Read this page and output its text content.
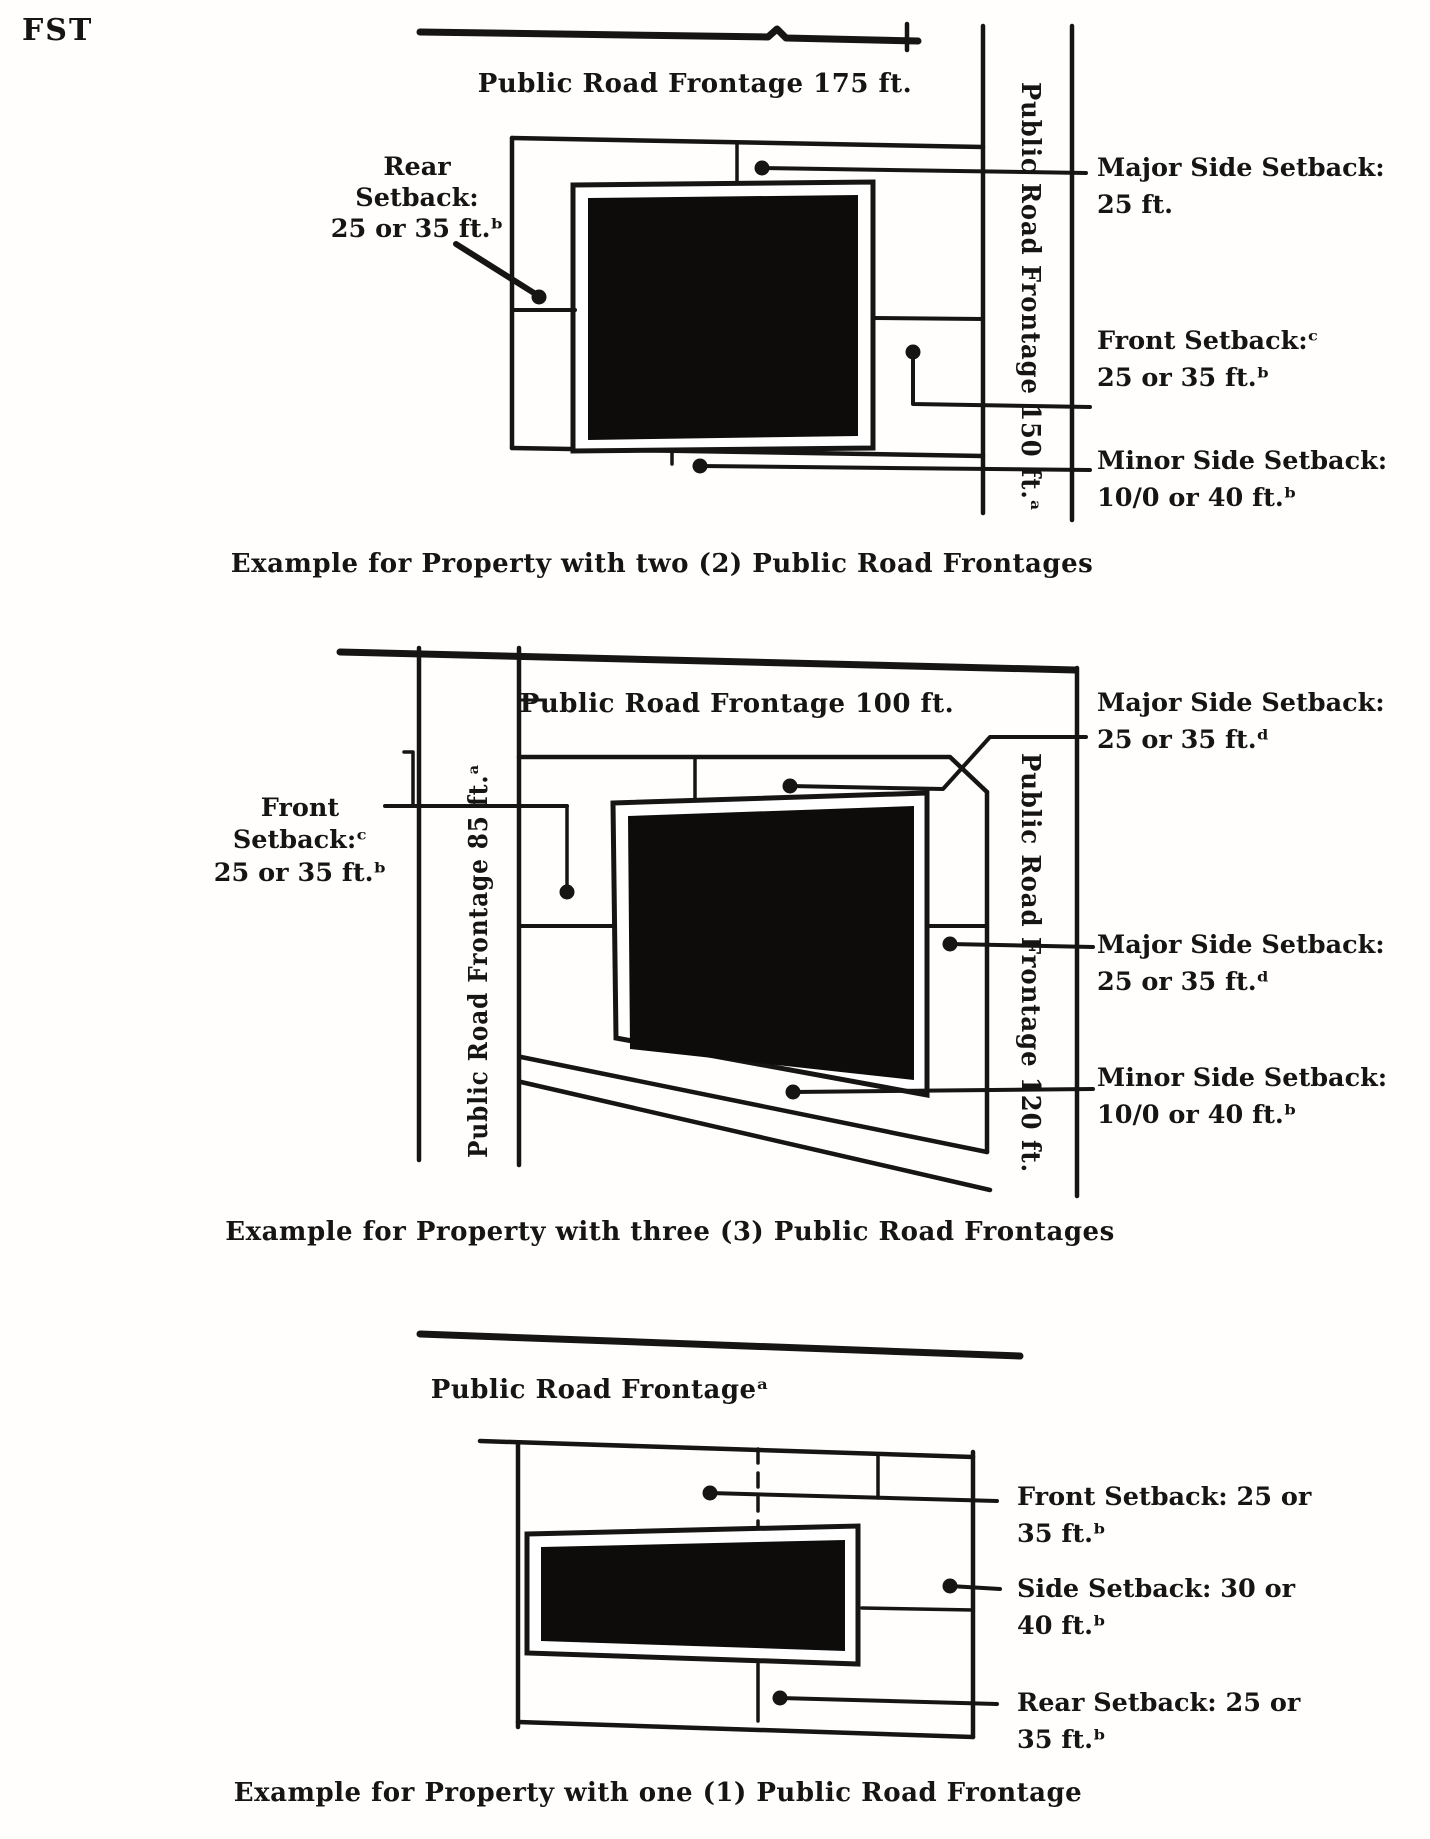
FST
Public Road Frontage 175 ft.	Public Road Frontage 150 ft.ᵃ
Rear
Setback:
25 or 35 ft.ᵇ
Major Side Setback:
25 ft.
Front Setback:ᶜ
25 or 35 ft.ᵇ
Minor Side Setback:
10/0 or 40 ft.ᵇ
Example for Property with two (2) Public Road Frontages
Public Road Frontage 85 ft.ᵃ
Public Road Frontage 100 ft.
Public Road Frontage 120 ft.
Major Side Setback:
25 or 35 ft.ᵈ
Front
Setback:ᶜ
25 or 35 ft.ᵇ
Major Side Setback:
25 or 35 ft.ᵈ
Minor Side Setback:
10/0 or 40 ft.ᵇ
Example for Property with three (3) Public Road Frontages
Public Road Frontageᵃ
Front Setback: 25 or
35 ft.ᵇ
Side Setback: 30 or
40 ft.ᵇ
Rear Setback: 25 or
35 ft.ᵇ
Example for Property with one (1) Public Road Frontage
